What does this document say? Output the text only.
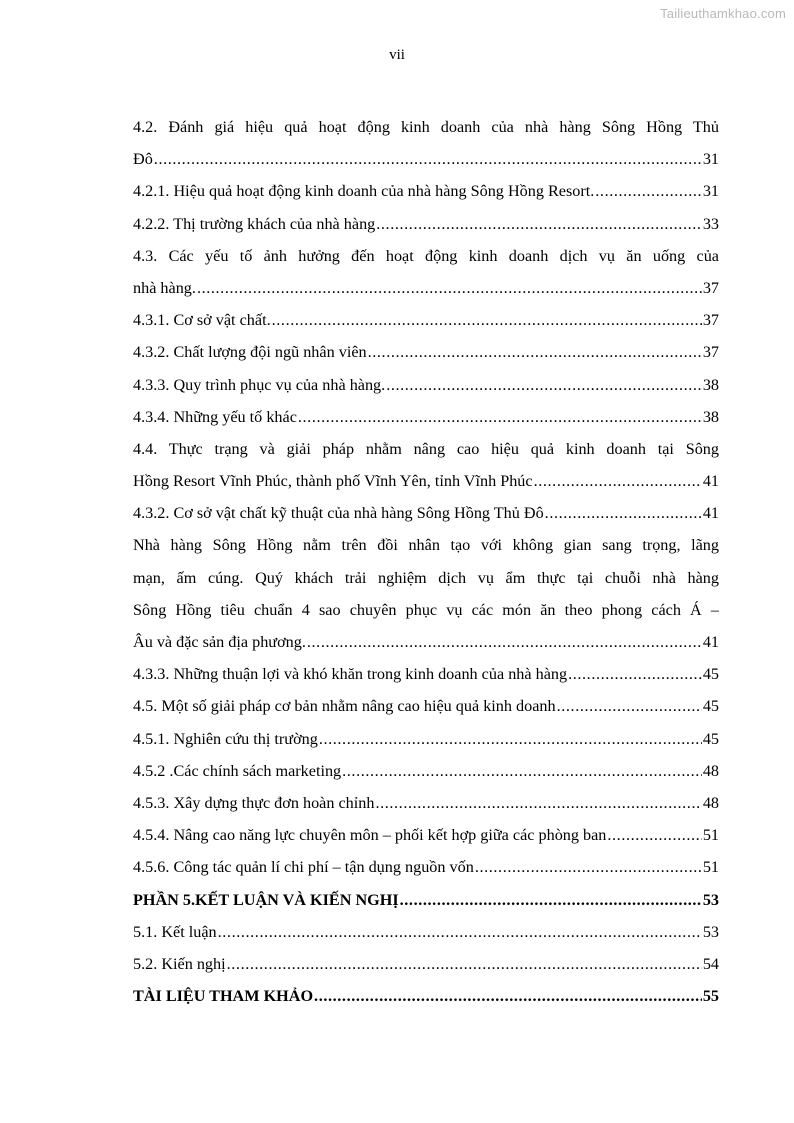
Tailieuthamkhao.com
vii
4.2. Đánh giá hiệu quả hoạt động kinh doanh của nhà hàng Sông Hồng Thủ
Đô .....	31
4.2.1. Hiệu quả hoạt động kinh doanh của nhà hàng Sông Hồng Resort. .....	31
4.2.2. Thị trường khách của nhà hàng .....	33
4.3. Các yếu tố ảnh hưởng đến hoạt động kinh doanh dịch vụ ăn uống của
nhà hàng. .....	37
4.3.1. Cơ sở vật chất. .....	37
4.3.2. Chất lượng đội ngũ nhân viên .....	37
4.3.3. Quy trình phục vụ của nhà hàng. .....	38
4.3.4. Những yếu tố khác .....	38
4.4. Thực trạng và giải pháp nhằm nâng cao hiệu quả kinh doanh tại Sông
Hồng Resort Vĩnh Phúc, thành phố Vĩnh Yên, tỉnh Vĩnh Phúc .....	41
4.3.2. Cơ sở vật chất kỹ thuật của nhà hàng Sông Hồng Thủ Đô .....	41
Nhà hàng Sông Hồng nằm trên đồi nhân tạo với không gian sang trọng, lãng
mạn, ấm cúng. Quý khách trải nghiệm dịch vụ ẩm thực tại chuỗi nhà hàng
Sông Hồng tiêu chuẩn 4 sao chuyên phục vụ các món ăn theo phong cách Á –
Âu và đặc sản địa phương. .....	41
4.3.3. Những thuận lợi và khó khăn trong kinh doanh của nhà hàng .....	45
4.5. Một số giải pháp cơ bản nhằm nâng cao hiệu quả kinh doanh .....	45
4.5.1. Nghiên cứu thị trường .....	45
4.5.2 .Các chính sách marketing .....	48
4.5.3. Xây dựng thực đơn hoàn chỉnh .....	48
4.5.4. Nâng cao năng lực chuyên môn – phối kết hợp giữa các phòng ban .....	51
4.5.6. Công tác quản lí chi phí – tận dụng nguồn vốn .....	51
PHẦN 5.KẾT LUẬN VÀ KIẾN NGHỊ .....	53
5.1. Kết luận .....	53
5.2. Kiến nghị .....	54
TÀI LIỆU THAM KHẢO .....	55
